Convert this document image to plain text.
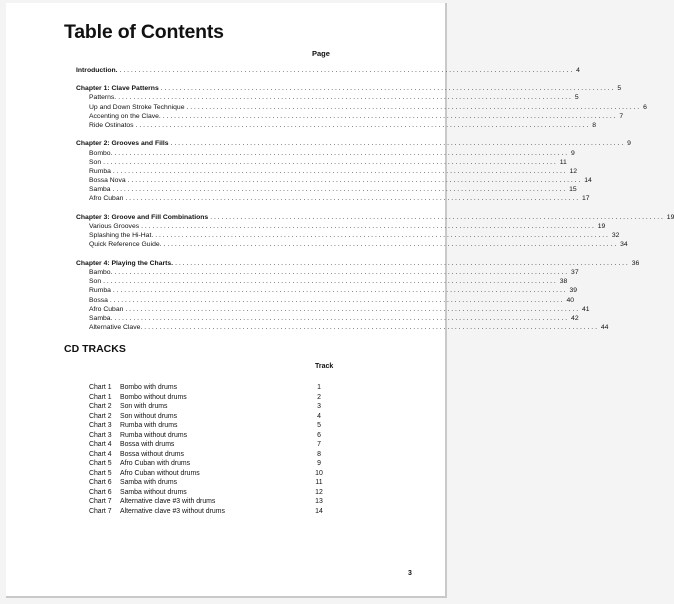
Table of Contents
Page
Introduction. ........................................................................................................................ 4
Chapter 1: Clave Patterns ........................................................................................................................ 5
Patterns. ........................................................................................................................ 5
Up and Down Stroke Technique ........................................................................................................................ 6
Accenting on the Clave. ........................................................................................................................ 7
Ride Ostinatos ........................................................................................................................ 8
Chapter 2: Grooves and Fills ........................................................................................................................ 9
Bombo. ........................................................................................................................ 9
Son ........................................................................................................................ 11
Rumba ........................................................................................................................ 12
Bossa Nova ........................................................................................................................ 14
Samba ........................................................................................................................ 15
Afro Cuban ........................................................................................................................ 17
Chapter 3: Groove and Fill Combinations ........................................................................................................................ 19
Various Grooves ........................................................................................................................ 19
Splashing the Hi-Hat. ........................................................................................................................ 32
Quick Reference Guide. ........................................................................................................................ 34
Chapter 4: Playing the Charts. ........................................................................................................................ 36
Bambo. ........................................................................................................................ 37
Son ........................................................................................................................ 38
Rumba ........................................................................................................................ 39
Bossa ........................................................................................................................ 40
Afro Cuban ........................................................................................................................ 41
Samba. ........................................................................................................................ 42
Alternative Clave. ........................................................................................................................ 44
CD TRACKS
Track
Chart 1	Bombo with drums	1
Chart 1	Bombo without drums	2
Chart 2	Son with drums	3
Chart 2	Son without drums	4
Chart 3	Rumba with drums	5
Chart 3	Rumba without drums	6
Chart 4	Bossa with drums	7
Chart 4	Bossa without drums	8
Chart 5	Afro Cuban with drums	9
Chart 5	Afro Cuban without drums	10
Chart 6	Samba with drums	11
Chart 6	Samba without drums	12
Chart 7	Alternative clave #3 with drums	13
Chart 7	Alternative clave #3 without drums	14
3
